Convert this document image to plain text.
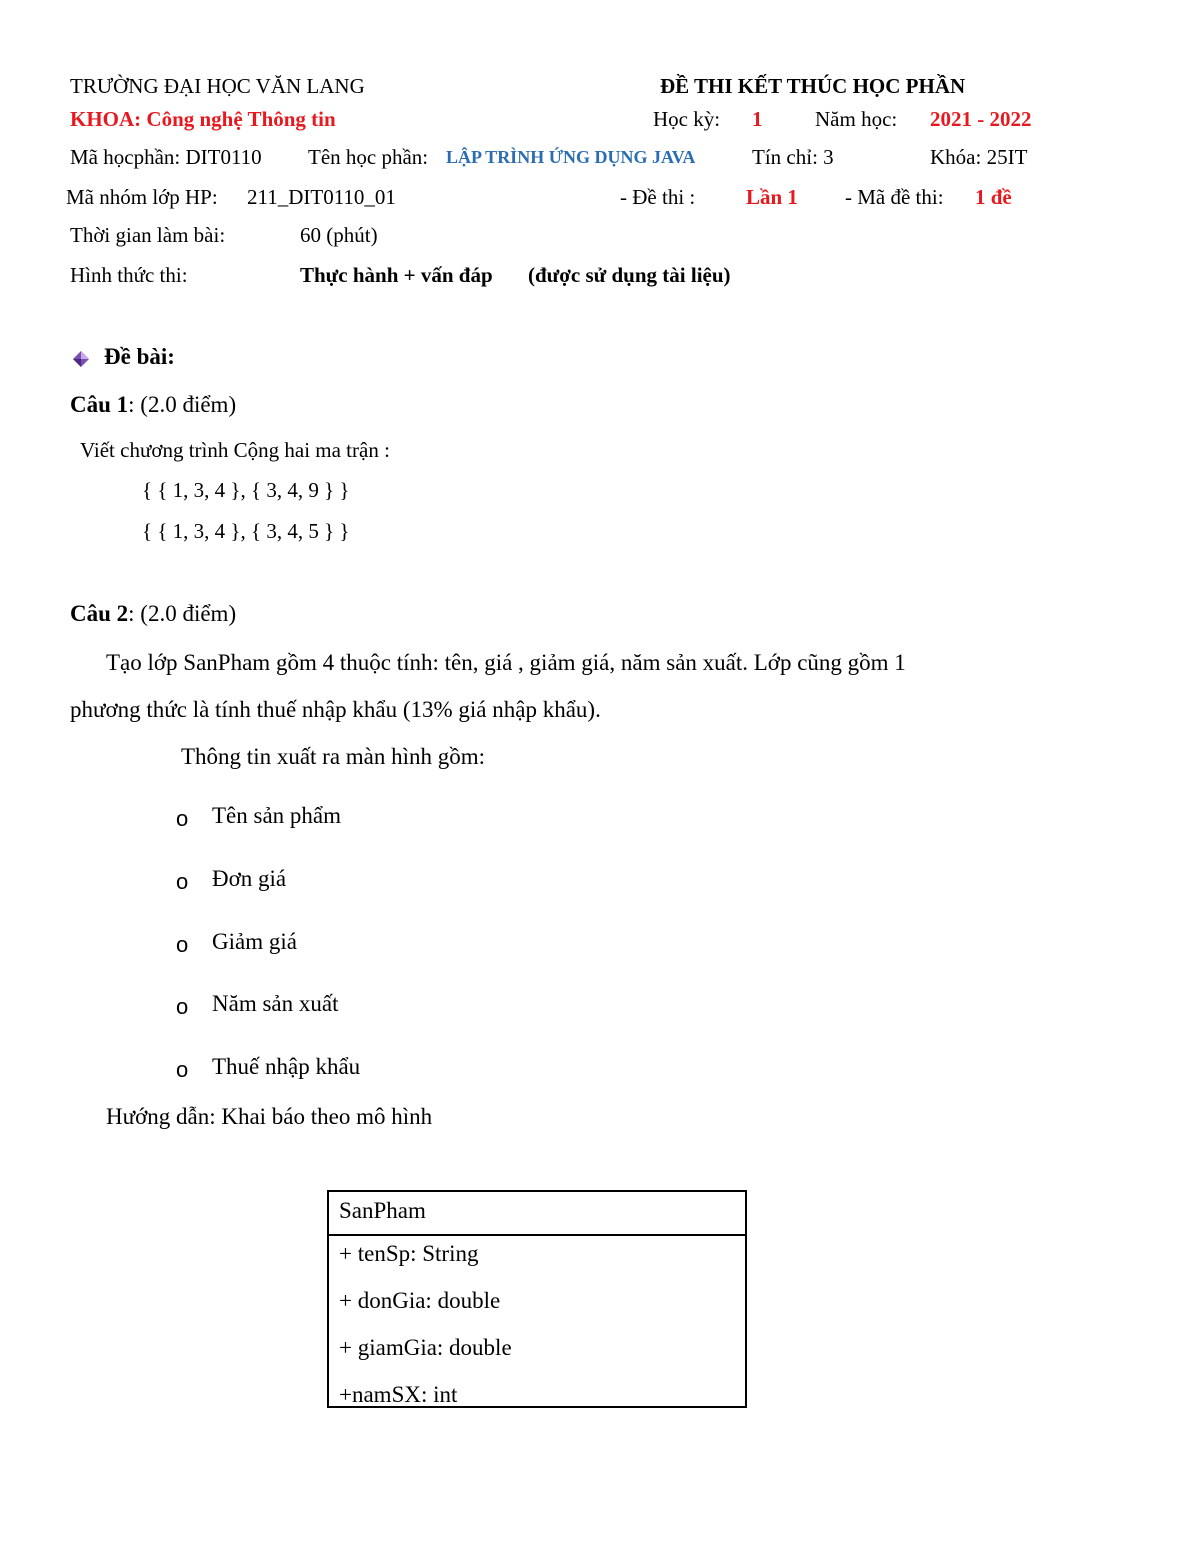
TRƯỜNG ĐẠI HỌC VĂN LANG	ĐỀ THI KẾT THÚC HỌC PHẦN
KHOA: Công nghệ Thông tin	Học kỳ: 1	Năm học: 2021 - 2022
Mã họcphần: DIT0110 Tên học phần: LẬP TRÌNH ỨNG DỤNG JAVA	Tín chỉ: 3	Khóa: 25IT
Mã nhóm lớp HP: 211_DIT0110_01	- Đề thi : Lần 1 - Mã đề thi: 1 đề
Thời gian làm bài:	60 (phút)
Hình thức thi:	Thực hành + vấn đáp (được sử dụng tài liệu)
Đề bài:
Câu 1: (2.0 điểm)
Viết chương trình Cộng hai ma trận :
{ { 1, 3, 4 }, { 3, 4, 9 } }
{ { 1, 3, 4 }, { 3, 4, 5 } }
Câu 2: (2.0 điểm)
Tạo lớp SanPham gồm 4 thuộc tính: tên, giá , giảm giá, năm sản xuất. Lớp cũng gồm 1
phương thức là tính thuế nhập khẩu (13% giá nhập khẩu).
Thông tin xuất ra màn hình gồm:
o Tên sản phẩm
o Đơn giá
o Giảm giá
o Năm sản xuất
o Thuế nhập khẩu
Hướng dẫn: Khai báo theo mô hình
SanPham
+ tenSp: String
+ donGia: double
+ giamGia: double
+namSX: int
